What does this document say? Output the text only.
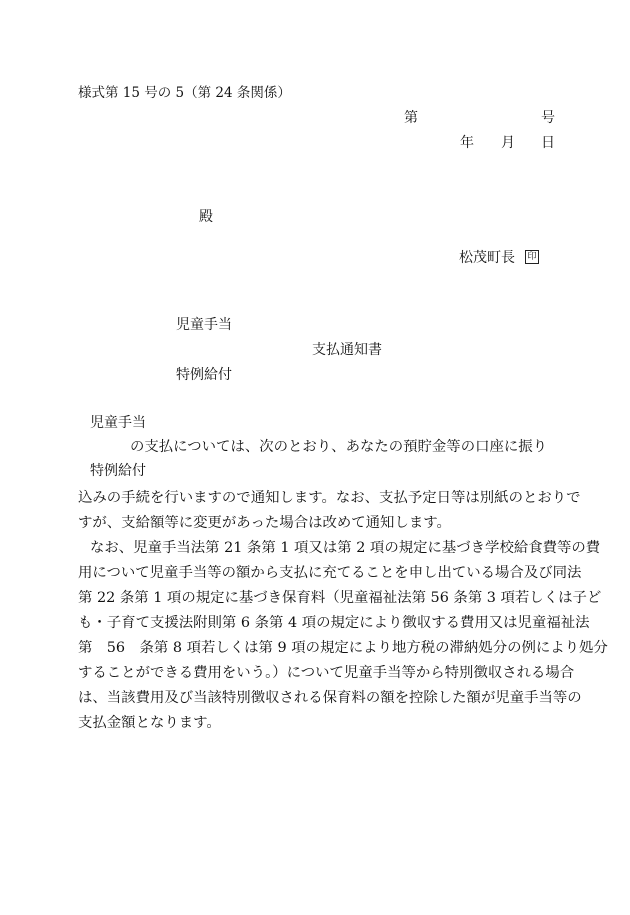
様式第 15 号の 5（第 24 条関係）
第	号
年 月 日
殿
松茂町長 印
児童手当
支払通知書
特例給付
児童手当
の支払については、次のとおり、あなたの預貯金等の口座に振り
特例給付
込みの手続を行いますので通知します。なお、支払予定日等は別紙のとおりで
すが、支給額等に変更があった場合は改めて通知します。
なお、児童手当法第 21 条第 1 項又は第 2 項の規定に基づき学校給食費等の費
用について児童手当等の額から支払に充てることを申し出ている場合及び同法
第 22 条第 1 項の規定に基づき保育料（児童福祉法第 56 条第 3 項若しくは子ど
も・子育て支援法附則第 6 条第 4 項の規定により徴収する費用又は児童福祉法
第　56　条第 8 項若しくは第 9 項の規定により地方税の滞納処分の例により処分
することができる費用をいう。）について児童手当等から特別徴収される場合
は、当該費用及び当該特別徴収される保育料の額を控除した額が児童手当等の
支払金額となります。
